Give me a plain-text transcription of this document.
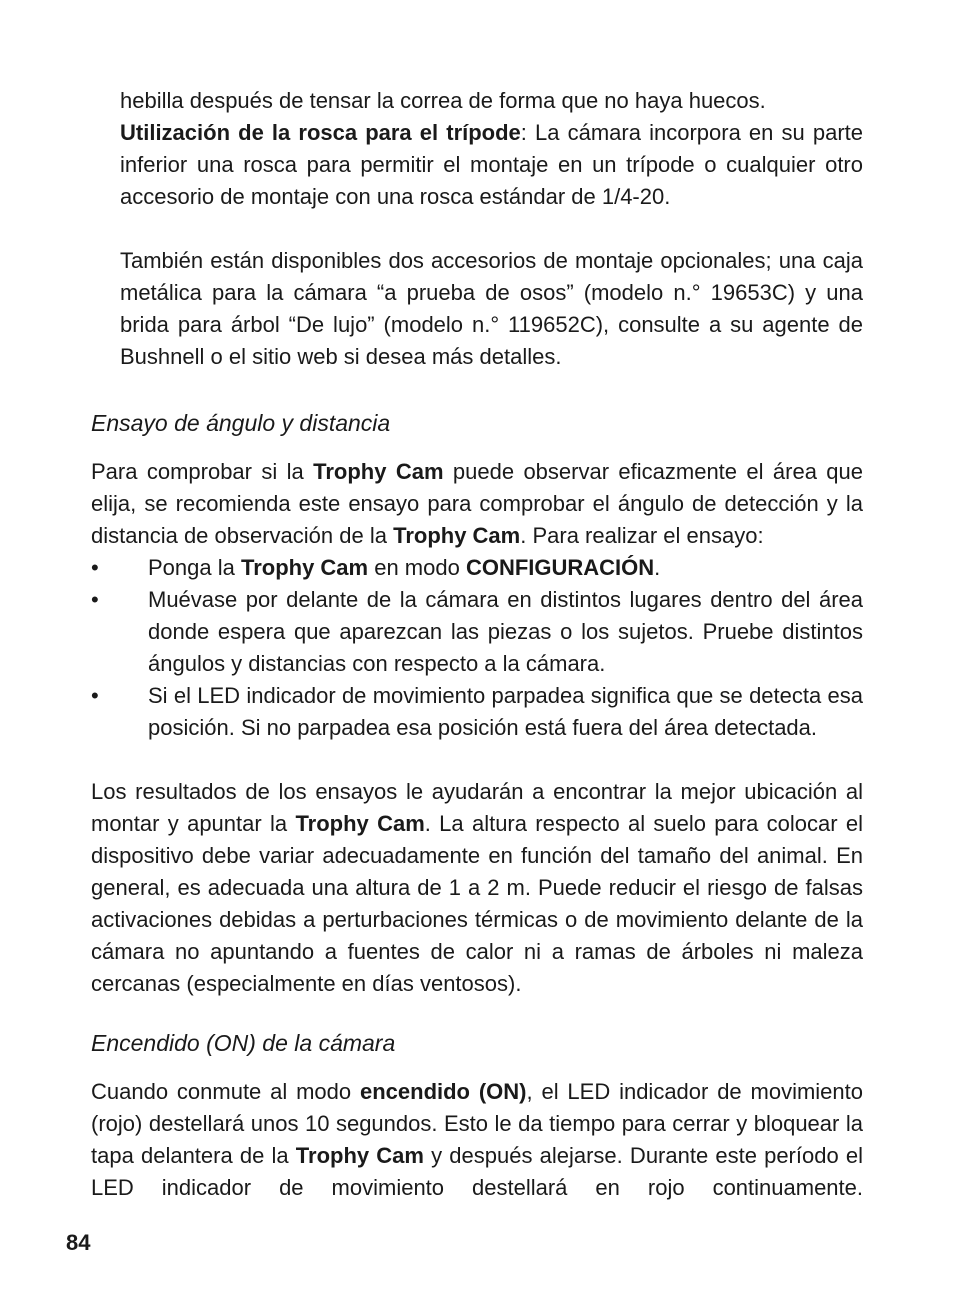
hebilla después de tensar la correa de forma que no haya huecos.
Utilización de la rosca para el trípode: La cámara incorpora en su parte inferior una rosca para permitir el montaje en un trípode o cualquier otro accesorio de montaje con una rosca estándar de 1/4-20.

También están disponibles dos accesorios de montaje opcionales; una caja metálica para la cámara “a prueba de osos” (modelo n.° 19653C) y una brida para árbol “De lujo” (modelo n.° 119652C), consulte a su agente de Bushnell o el sitio web si desea más detalles.

Ensayo de ángulo y distancia

Para comprobar si la Trophy Cam puede observar eficazmente el área que elija, se recomienda este ensayo para comprobar el ángulo de detección y la distancia de observación de la Trophy Cam. Para realizar el ensayo:

• Ponga la Trophy Cam en modo CONFIGURACIÓN.
• Muévase por delante de la cámara en distintos lugares dentro del área donde espera que aparezcan las piezas o los sujetos. Pruebe distintos ángulos y distancias con respecto a la cámara.
• Si el LED indicador de movimiento parpadea significa que se detecta esa posición. Si no parpadea esa posición está fuera del área detectada.

Los resultados de los ensayos le ayudarán a encontrar la mejor ubicación al montar y apuntar la Trophy Cam. La altura respecto al suelo para colocar el dispositivo debe variar adecuadamente en función del tamaño del animal. En general, es adecuada una altura de 1 a 2 m. Puede reducir el riesgo de falsas activaciones debidas a perturbaciones térmicas o de movimiento delante de la cámara no apuntando a fuentes de calor ni a ramas de árboles ni maleza cercanas (especialmente en días ventosos).

Encendido (ON) de la cámara

Cuando conmute al modo encendido (ON), el LED indicador de movimiento (rojo) destellará unos 10 segundos. Esto le da tiempo para cerrar y bloquear la tapa delantera de la Trophy Cam y después alejarse. Durante este período el LED indicador de movimiento destellará en rojo continuamente.

84
